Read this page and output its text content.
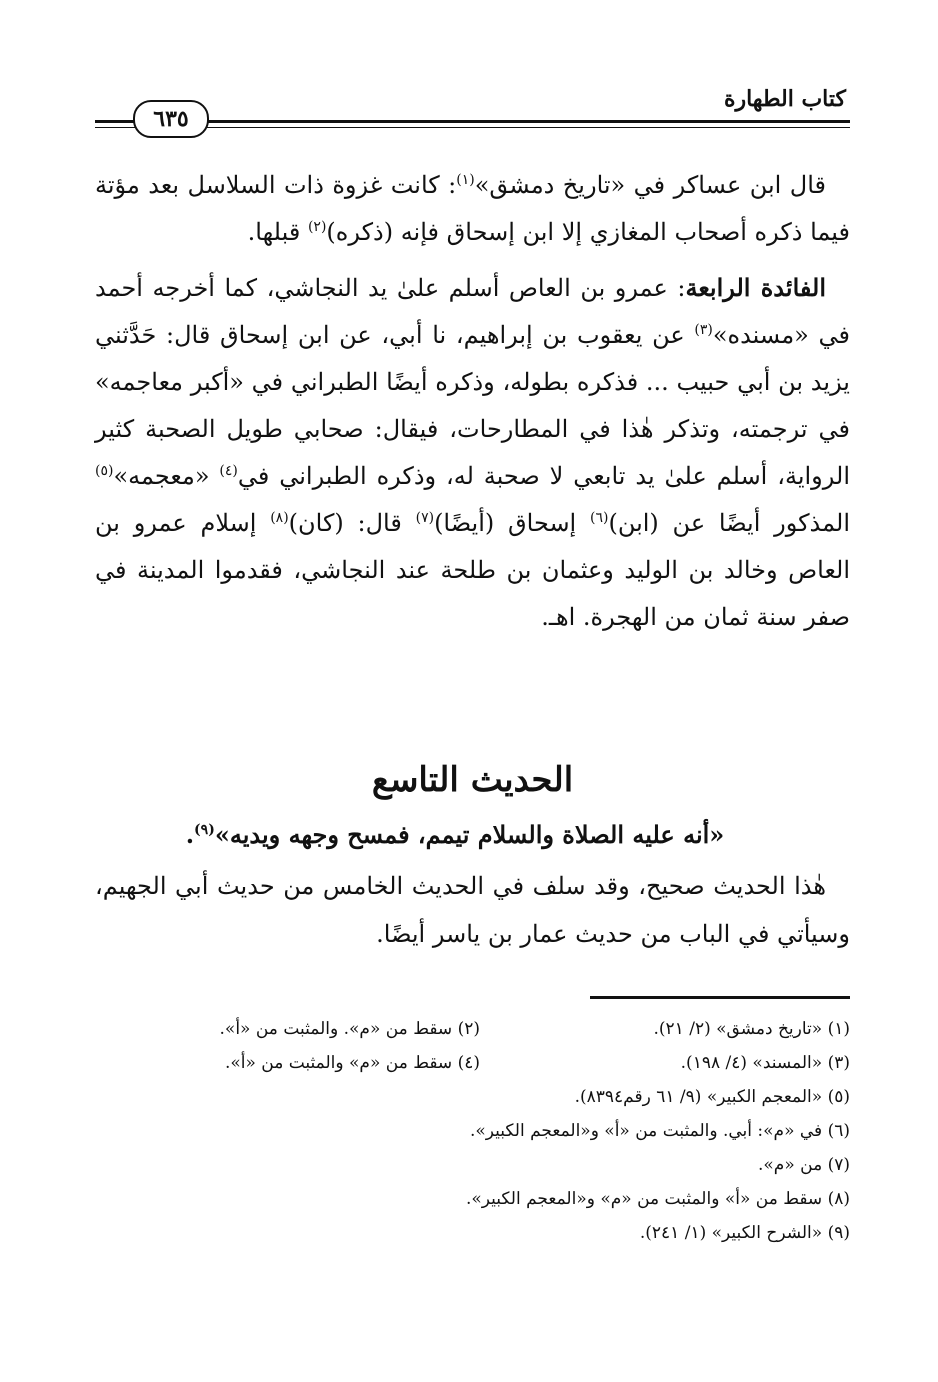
كتاب الطهارة
٦٣٥

قال ابن عساكر في «تاريخ دمشق»$^{(١)}$: كانت غزوة ذات السلاسل بعد مؤتة فيما ذكره أصحاب المغازي إلا ابن إسحاق فإنه (ذكره)$^{(٢)}$ قبلها.

الفائدة الرابعة: عمرو بن العاص أسلم علىٰ يد النجاشي، كما أخرجه أحمد في «مسنده»$^{(٣)}$ عن يعقوب بن إبراهيم، نا أبي، عن ابن إسحاق قال: حَدَّثني يزيد بن أبي حبيب ... فذكره بطوله، وذكره أيضًا الطبراني في «أكبر معاجمه» في ترجمته، وتذكر هٰذا في المطارحات، فيقال: صحابي طويل الصحبة كثير الرواية، أسلم علىٰ يد تابعي لا صحبة له، وذكره الطبراني في$^{(٤)}$ «معجمه»$^{(٥)}$ المذكور أيضًا عن (ابن)$^{(٦)}$ إسحاق (أيضًا)$^{(٧)}$ قال: (كان)$^{(٨)}$ إسلام عمرو بن العاص وخالد بن الوليد وعثمان بن طلحة عند النجاشي، فقدموا المدينة في صفر سنة ثمان من الهجرة. اهـ.

الحديث التاسع
«أنه عليه الصلاة والسلام تيمم، فمسح وجهه ويديه»$^{(٩)}$.

هٰذا الحديث صحيح، وقد سلف في الحديث الخامس من حديث أبي الجهيم، وسيأتي في الباب من حديث عمار بن ياسر أيضًا.

(١) «تاريخ دمشق» (٢/ ٢١).
(٢) سقط من «م». والمثبت من «أ».
(٣) «المسند» (٤/ ١٩٨).
(٤) سقط من «م» والمثبت من «أ».
(٥) «المعجم الكبير» (٩/ ٦١ رقم٨٣٩٤).
(٦) في «م»: أبي. والمثبت من «أ» و«المعجم الكبير».
(٧) من «م».
(٨) سقط من «أ» والمثبت من «م» و«المعجم الكبير».
(٩) «الشرح الكبير» (١/ ٢٤١).
